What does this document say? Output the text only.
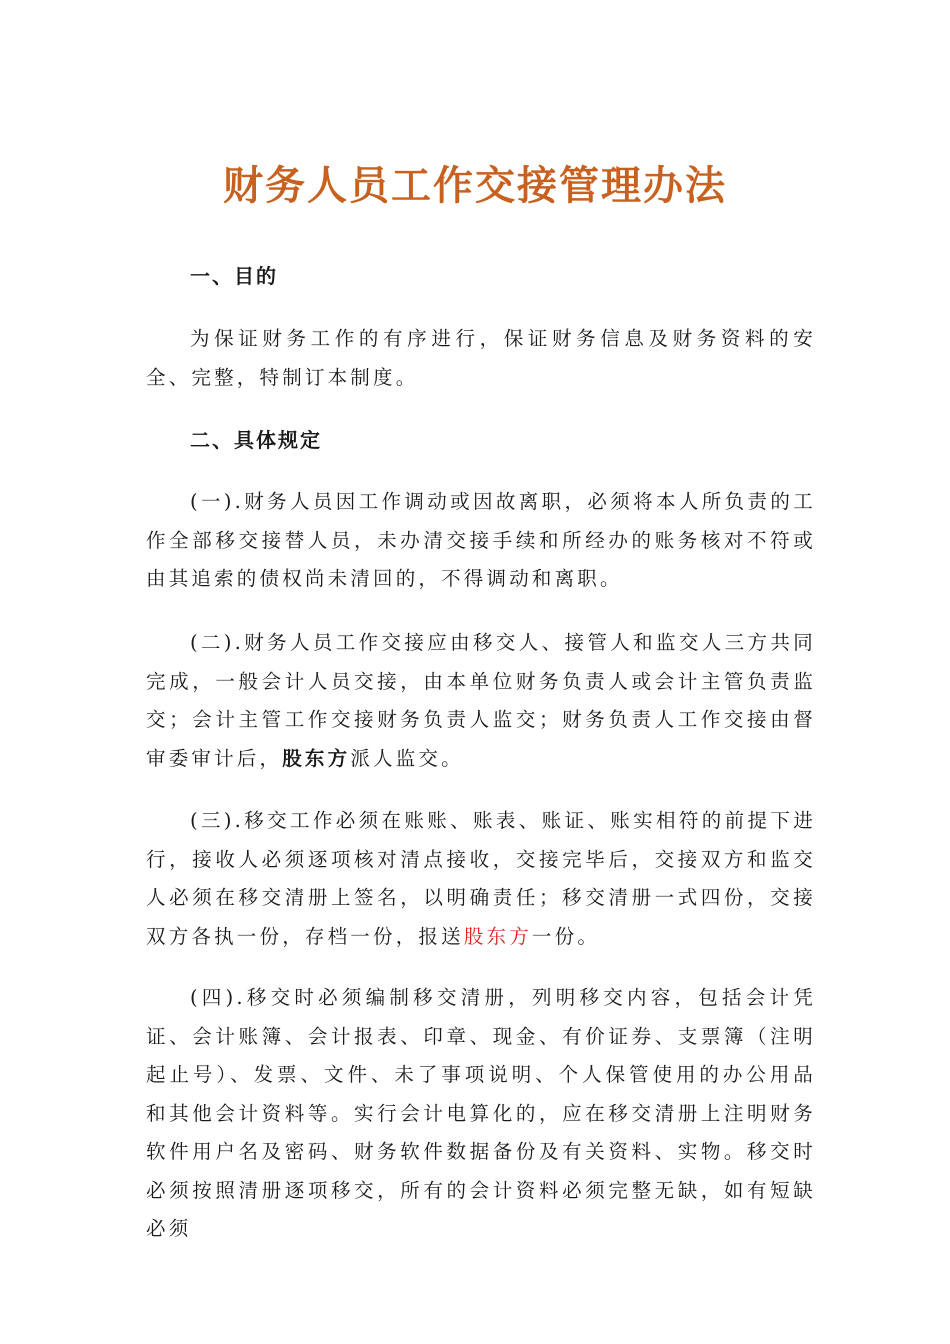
财务人员工作交接管理办法
一、目的
为保证财务工作的有序进行，保证财务信息及财务资料的安全、完整，特制订本制度。
二、具体规定
(一).财务人员因工作调动或因故离职，必须将本人所负责的工作全部移交接替人员，未办清交接手续和所经办的账务核对不符或由其追索的债权尚未清回的，不得调动和离职。
(二).财务人员工作交接应由移交人、接管人和监交人三方共同完成，一般会计人员交接，由本单位财务负责人或会计主管负责监交；会计主管工作交接财务负责人监交；财务负责人工作交接由督审委审计后，股东方派人监交。
(三).移交工作必须在账账、账表、账证、账实相符的前提下进行，接收人必须逐项核对清点接收，交接完毕后，交接双方和监交人必须在移交清册上签名，以明确责任；移交清册一式四份，交接双方各执一份，存档一份，报送股东方一份。
(四).移交时必须编制移交清册，列明移交内容，包括会计凭证、会计账簿、会计报表、印章、现金、有价证券、支票簿（注明起止号）、发票、文件、未了事项说明、个人保管使用的办公用品和其他会计资料等。实行会计电算化的，应在移交清册上注明财务软件用户名及密码、财务软件数据备份及有关资料、实物。移交时必须按照清册逐项移交，所有的会计资料必须完整无缺，如有短缺必须
